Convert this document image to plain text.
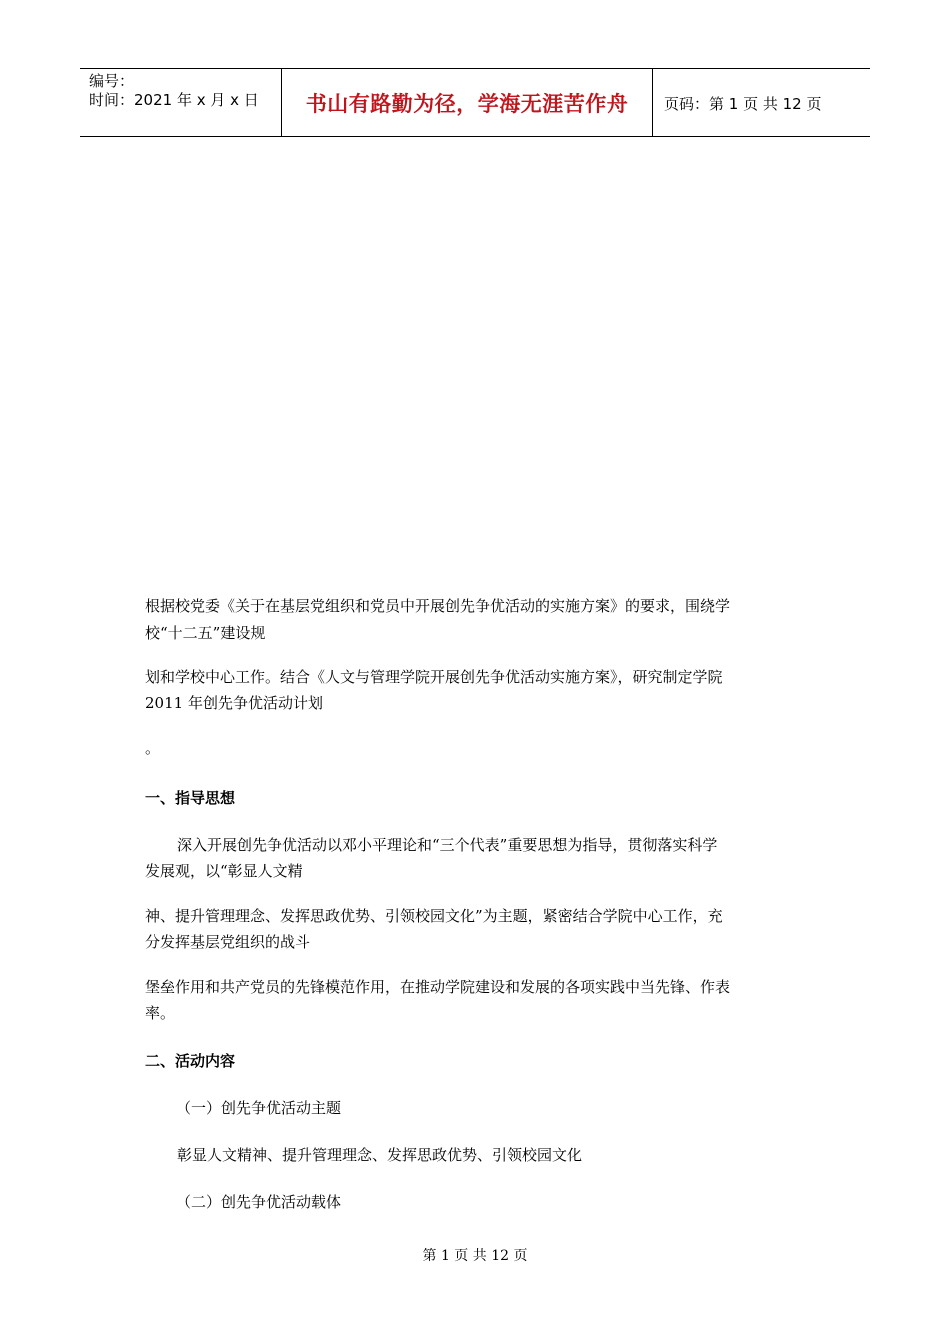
编号：
时间：2021 年 x 月 x 日 书山有路勤为径，学海无涯苦作舟 页码：第 1 页 共 12 页
根据校党委《关于在基层党组织和党员中开展创先争优活动的实施方案》的要求，围绕学
校“十二五”建设规
划和学校中心工作。结合《人文与管理学院开展创先争优活动实施方案》，研究制定学院
2011 年创先争优活动计划
。
一、指导思想
深入开展创先争优活动以邓小平理论和“三个代表”重要思想为指导，贯彻落实科学
发展观，以“彰显人文精
神、提升管理理念、发挥思政优势、引领校园文化”为主题，紧密结合学院中心工作，充
分发挥基层党组织的战斗
堡垒作用和共产党员的先锋模范作用，在推动学院建设和发展的各项实践中当先锋、作表
率。
二、活动内容
（一）创先争优活动主题
彰显人文精神、提升管理理念、发挥思政优势、引领校园文化
（二）创先争优活动载体
第 1 页 共 12 页
